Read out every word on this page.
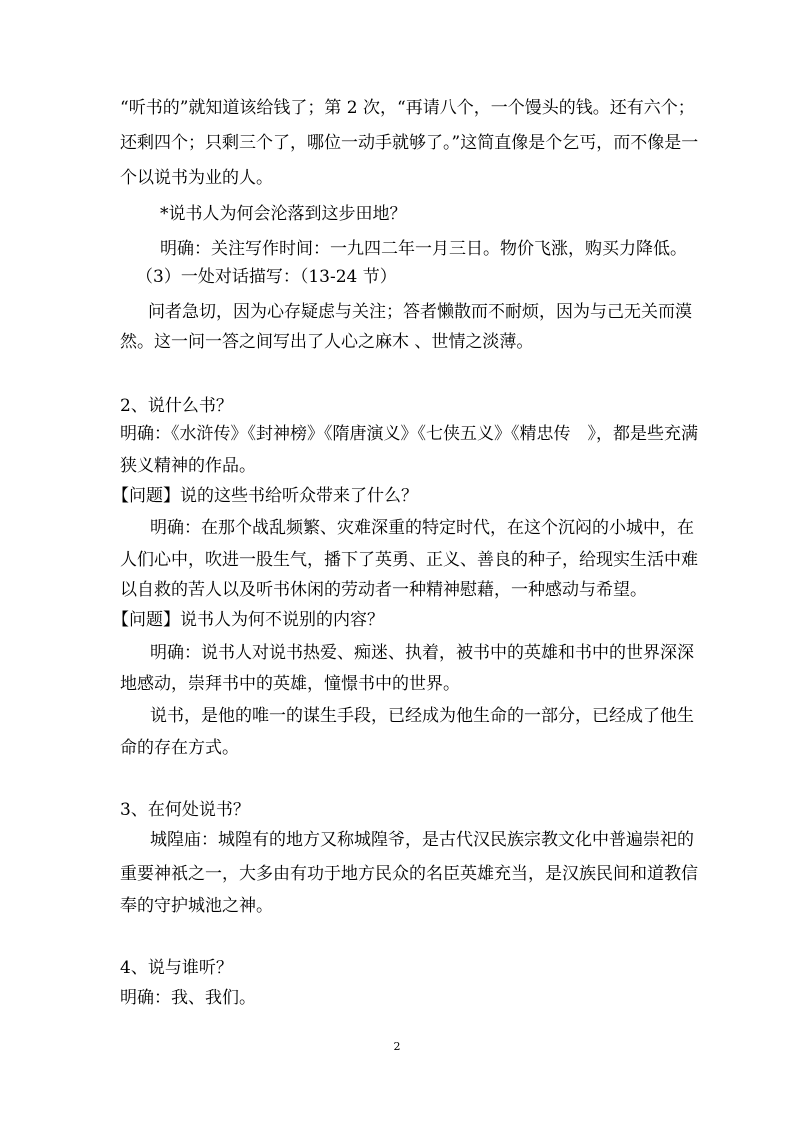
“听书的”就知道该给钱了；第 2 次，“再请八个，一个馒头的钱。还有六个；

还剩四个；只剩三个了，哪位一动手就够了。”这简直像是个乞丐，而不像是一

个以说书为业的人。

*说书人为何会沦落到这步田地？

明确：关注写作时间：一九四二年一月三日。物价飞涨，购买力降低。

（3）一处对话描写：（13-24 节）

问者急切，因为心存疑虑与关注；答者懒散而不耐烦，因为与己无关而漠

然。这一问一答之间写出了人心之麻木 、世情之淡薄。

2、说什么书？

明确：《水浒传》《封神榜》《隋唐演义》《七侠五义》《精忠传　》，都是些充满

狭义精神的作品。

【问题】说的这些书给听众带来了什么？

明确：在那个战乱频繁、灾难深重的特定时代，在这个沉闷的小城中，在

人们心中，吹进一股生气，播下了英勇、正义、善良的种子，给现实生活中难

以自救的苦人以及听书休闲的劳动者一种精神慰藉，一种感动与希望。

【问题】说书人为何不说别的内容？

明确：说书人对说书热爱、痴迷、执着，被书中的英雄和书中的世界深深

地感动，崇拜书中的英雄，憧憬书中的世界。

说书，是他的唯一的谋生手段，已经成为他生命的一部分，已经成了他生

命的存在方式。

3、在何处说书？

城隍庙：城隍有的地方又称城隍爷，是古代汉民族宗教文化中普遍崇祀的

重要神祇之一，大多由有功于地方民众的名臣英雄充当，是汉族民间和道教信

奉的守护城池之神。

4、说与谁听？

明确：我、我们。

2
